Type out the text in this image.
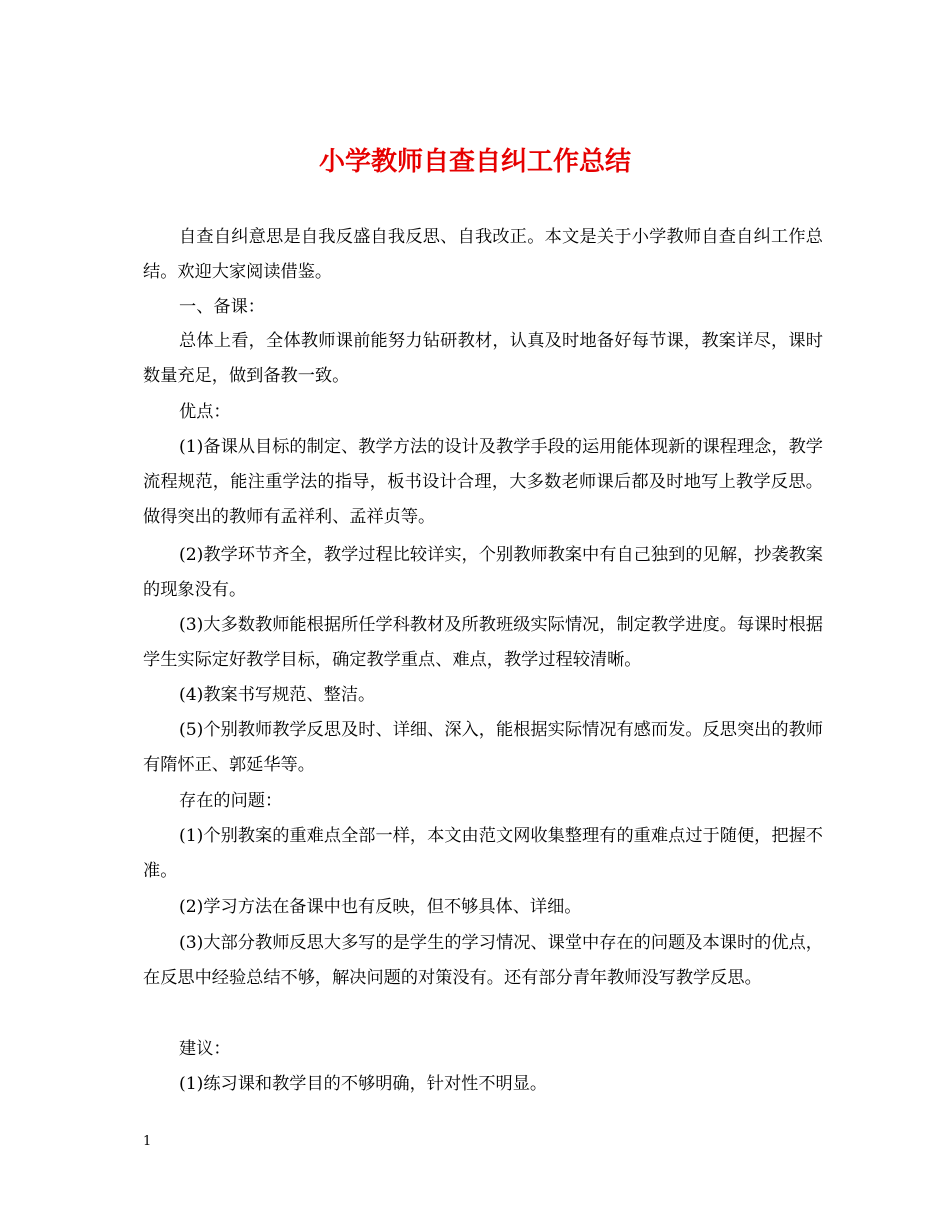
小学教师自查自纠工作总结

自查自纠意思是自我反盛自我反思、自我改正。本文是关于小学教师自查自纠工作总结。欢迎大家阅读借鉴。

一、备课：

总体上看，全体教师课前能努力钻研教材，认真及时地备好每节课，教案详尽，课时数量充足，做到备教一致。

优点：

(1)备课从目标的制定、教学方法的设计及教学手段的运用能体现新的课程理念，教学流程规范，能注重学法的指导，板书设计合理，大多数老师课后都及时地写上教学反思。做得突出的教师有孟祥利、孟祥贞等。

(2)教学环节齐全，教学过程比较详实，个别教师教案中有自己独到的见解，抄袭教案的现象没有。

(3)大多数教师能根据所任学科教材及所教班级实际情况，制定教学进度。每课时根据学生实际定好教学目标，确定教学重点、难点，教学过程较清晰。

(4)教案书写规范、整洁。

(5)个别教师教学反思及时、详细、深入，能根据实际情况有感而发。反思突出的教师有隋怀正、郭延华等。

存在的问题：

(1)个别教案的重难点全部一样，本文由范文网收集整理有的重难点过于随便，把握不准。

(2)学习方法在备课中也有反映，但不够具体、详细。

(3)大部分教师反思大多写的是学生的学习情况、课堂中存在的问题及本课时的优点，在反思中经验总结不够，解决问题的对策没有。还有部分青年教师没写教学反思。

建议：

(1)练习课和教学目的不够明确，针对性不明显。

1
